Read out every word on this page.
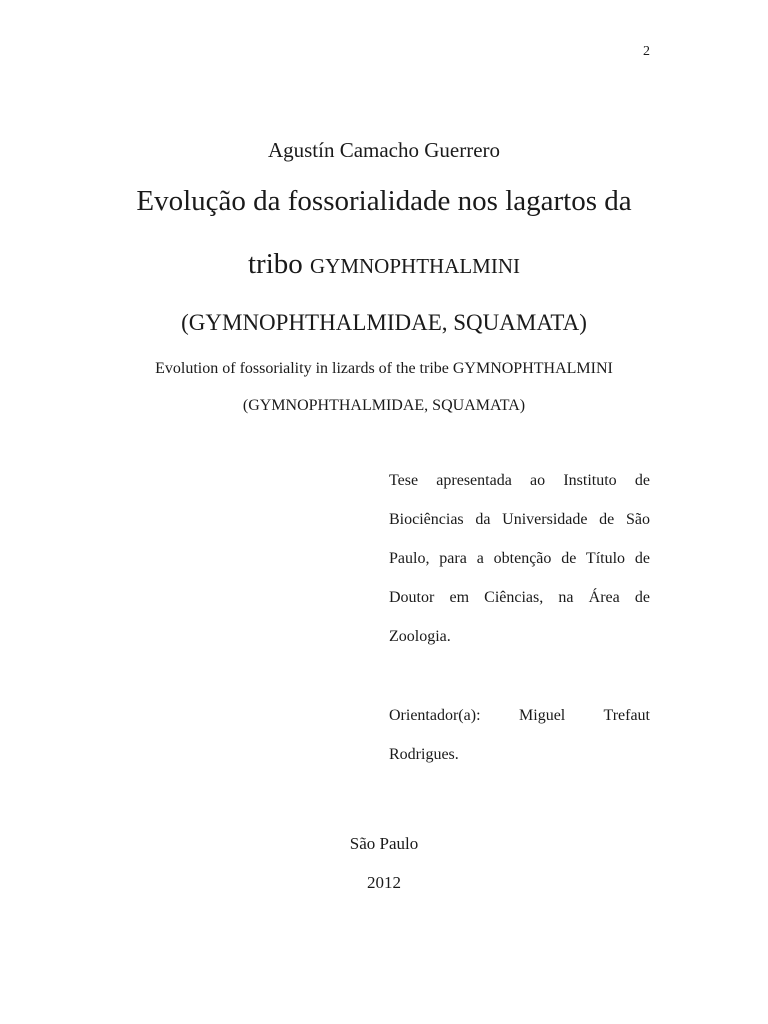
2
Agustín Camacho Guerrero
Evolução da fossorialidade nos lagartos da
tribo GYMNOPHTHALMINI
(GYMNOPHTHALMIDAE, SQUAMATA)
Evolution of fossoriality in lizards of the tribe GYMNOPHTHALMINI
(GYMNOPHTHALMIDAE, SQUAMATA)
Tese apresentada ao Instituto de
Biociências da Universidade de São
Paulo, para a obtenção de Título de
Doutor em Ciências, na Área de
Zoologia.
Orientador(a): Miguel Trefaut
Rodrigues.
São Paulo
2012
